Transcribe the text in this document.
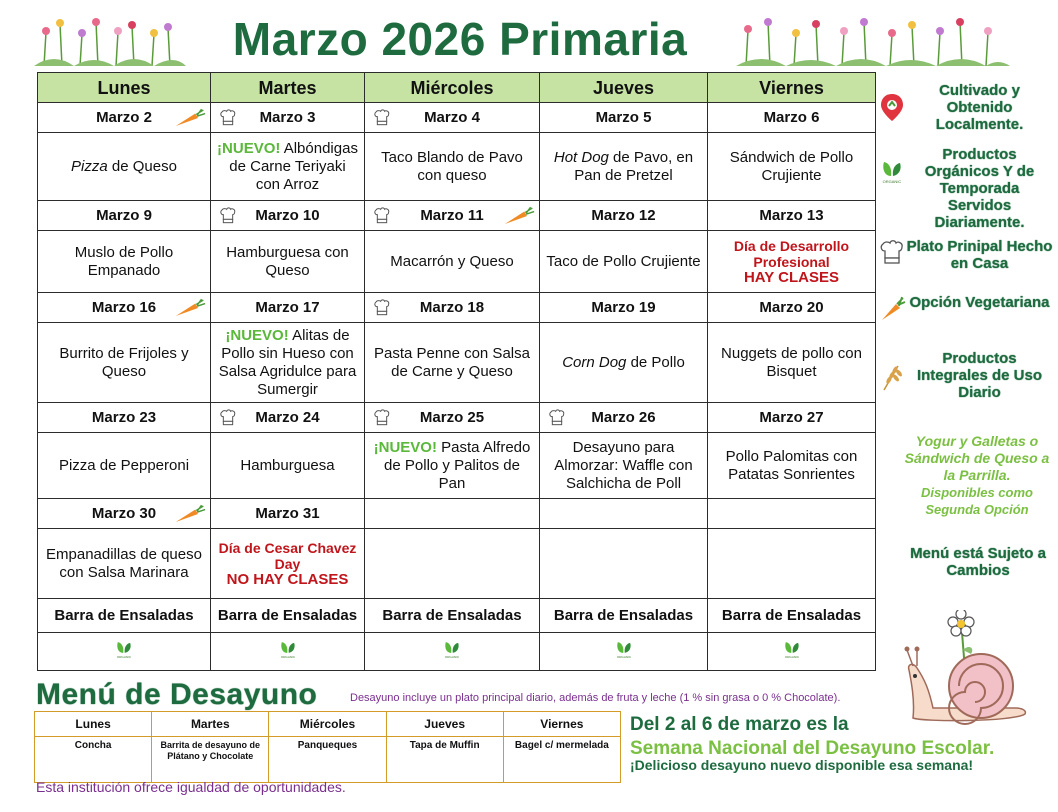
Marzo 2026 Primaria
Lunes	Martes	Miércoles	Jueves	Viernes
Marzo 2	Marzo 3	Marzo 4	Marzo 5	Marzo 6
Pizza de Queso	¡NUEVO! Albóndigas de Carne Teriyaki con Arroz	Taco Blando de Pavo con queso	Hot Dog de Pavo, en Pan de Pretzel	Sándwich de Pollo Crujiente
Marzo 9	Marzo 10	Marzo 11	Marzo 12	Marzo 13
Muslo de Pollo Empanado	Hamburguesa con Queso	Macarrón y Queso	Taco de Pollo Crujiente	Día de Desarrollo Profesional
HAY CLASES

Marzo 16	Marzo 17	Marzo 18	Marzo 19	Marzo 20
Burrito de Frijoles y Queso	¡NUEVO! Alitas de Pollo sin Hueso con Salsa Agridulce para Sumergir	Pasta Penne con Salsa de Carne y Queso	Corn Dog de Pollo	Nuggets de pollo con Bisquet
Marzo 23	Marzo 24	Marzo 25	Marzo 26	Marzo 27
Pizza de Pepperoni	Hamburguesa	¡NUEVO! Pasta Alfredo de Pollo y Palitos de Pan	Desayuno para Almorzar: Waffle con Salchicha de Poll	Pollo Palomitas con Patatas Sonrientes
Marzo 30	Marzo 31			
Empanadillas de queso con Salsa Marinara	Día de Cesar Chavez Day
NO HAY CLASES			

Barra de Ensaladas	Barra de Ensaladas	Barra de Ensaladas	Barra de Ensaladas	Barra de Ensaladas

ORGANIC	ORGANIC	ORGANIC	ORGANIC	ORGANIC
Cultivado y Obtenido Localmente.
ORGANIC
Productos Orgánicos Y de Temporada Servidos Diariamente.
Plato Prinipal Hecho en Casa
Opción Vegetariana
Productos Integrales de Uso Diario
Yogur y Galletas o Sándwich de Queso a la Parrilla.
Disponibles como Segunda Opción
Menú está Sujeto a Cambios
Menú de Desayuno	Desayuno incluye un plato principal diario, además de fruta y leche (1 % sin grasa o 0 % Chocolate).
Lunes	Martes	Miércoles	Jueves	Viernes
Concha	Barrita de desayuno de Plátano y Chocolate	Panqueques	Tapa de Muffin	Bagel c/ mermelada
Del 2 al 6 de marzo es la
Semana Nacional del Desayuno Escolar.
¡Delicioso desayuno nuevo disponible esa semana!
Esta institución ofrece igualdad de oportunidades.
